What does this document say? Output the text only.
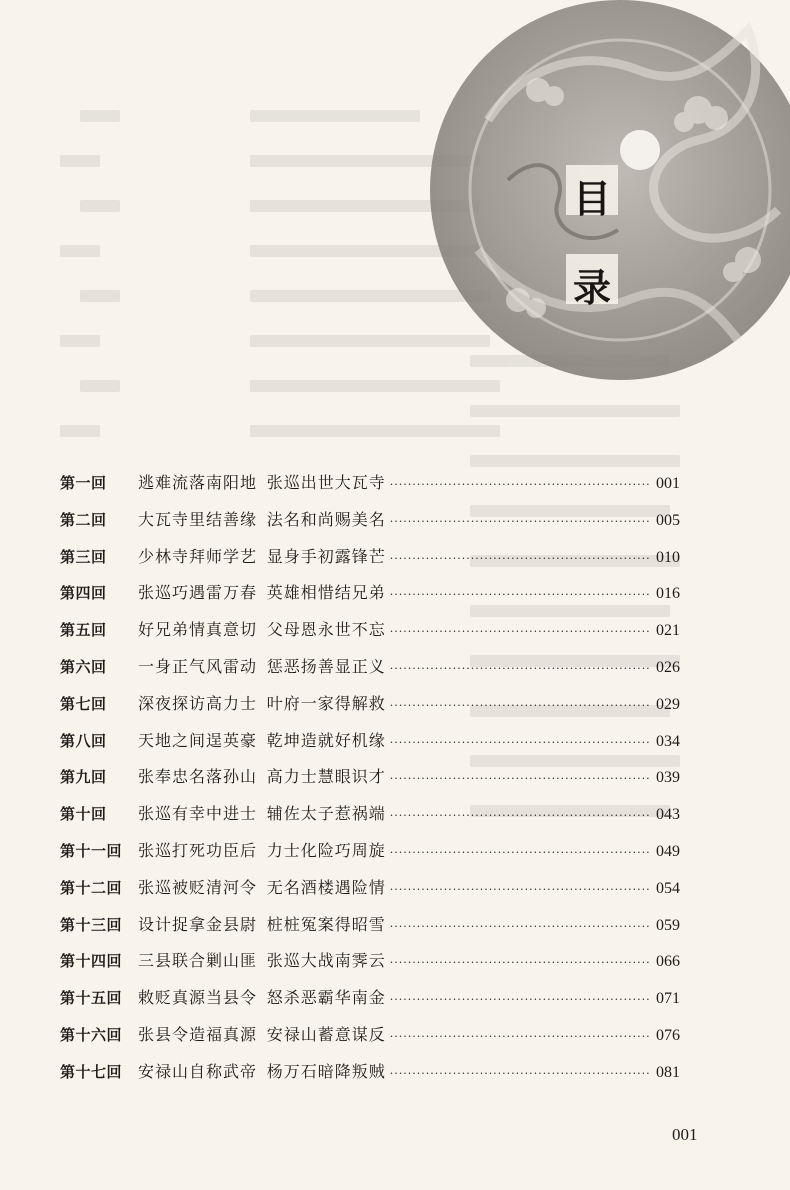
目
录
第一回	逃难流落南阳地 张巡出世大瓦寺 ·························································· 001
第二回	大瓦寺里结善缘 法名和尚赐美名 ·························································· 005
第三回	少林寺拜师学艺 显身手初露锋芒 ·························································· 010
第四回	张巡巧遇雷万春 英雄相惜结兄弟 ·························································· 016
第五回	好兄弟情真意切 父母恩永世不忘 ·························································· 021
第六回	一身正气风雷动 惩恶扬善显正义 ·························································· 026
第七回	深夜探访高力士 叶府一家得解救 ·························································· 029
第八回	天地之间逞英豪 乾坤造就好机缘 ·························································· 034
第九回	张奉忠名落孙山 高力士慧眼识才 ·························································· 039
第十回	张巡有幸中进士 辅佐太子惹祸端 ·························································· 043
第十一回 张巡打死功臣后 力士化险巧周旋 ·························································· 049
第十二回 张巡被贬清河令 无名酒楼遇险情 ·························································· 054
第十三回 设计捉拿金县尉 桩桩冤案得昭雪 ·························································· 059
第十四回 三县联合剿山匪 张巡大战南霁云 ·························································· 066
第十五回 敕贬真源当县令 怒杀恶霸华南金 ·························································· 071
第十六回 张县令造福真源 安禄山蓄意谋反 ·························································· 076
第十七回 安禄山自称武帝 杨万石暗降叛贼 ·························································· 081
001
